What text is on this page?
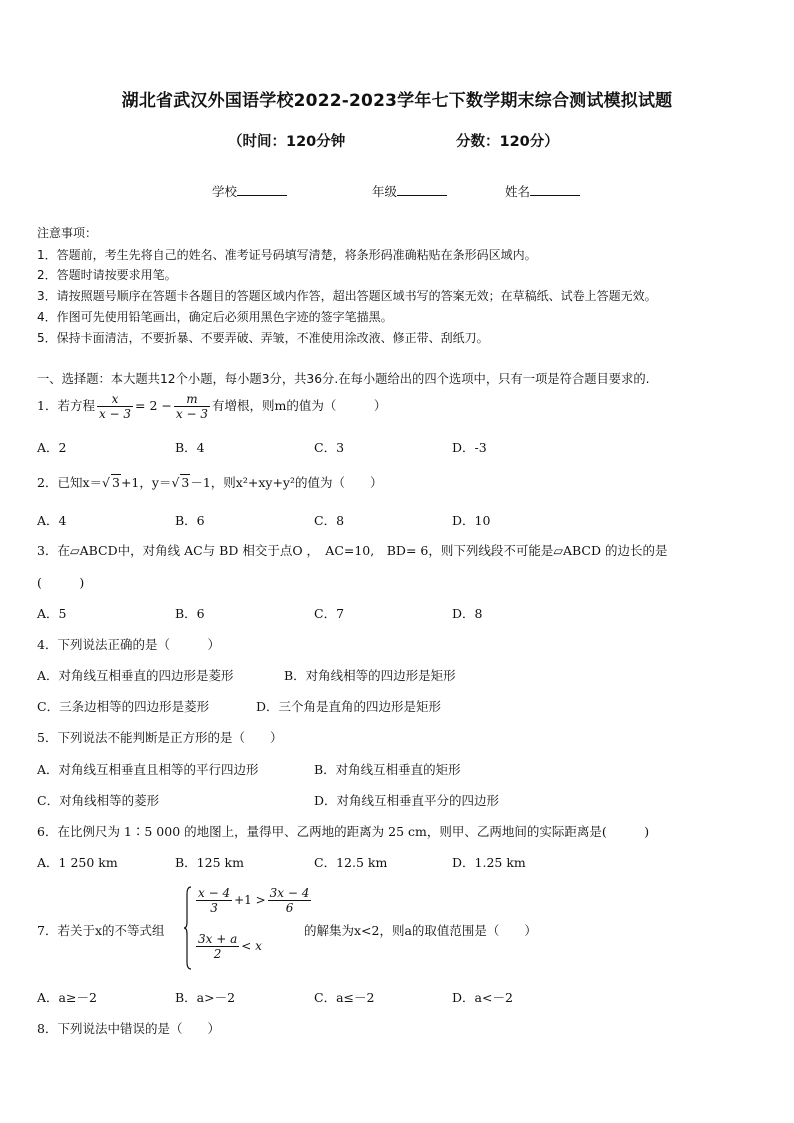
湖北省武汉外国语学校2022-2023学年七下数学期末综合测试模拟试题
（时间：120分钟	分数：120分）
学校	年级	姓名
注意事项：
1．答题前，考生先将自己的姓名、准考证号码填写清楚，将条形码准确粘贴在条形码区域内。
2．答题时请按要求用笔。
3．请按照题号顺序在答题卡各题目的答题区域内作答，超出答题区域书写的答案无效；在草稿纸、试卷上答题无效。
4．作图可先使用铅笔画出，确定后必须用黑色字迹的签字笔描黑。
5．保持卡面清洁，不要折暴、不要弄破、弄皱，不准使用涂改液、修正带、刮纸刀。
一、选择题：本大题共12个小题，每小题3分，共36分.在每小题给出的四个选项中，只有一项是符合题目要求的.
1．若方程 $\frac{x}{x - 3} = 2 - \frac{m}{x - 3}$ 有增根，则m的值为（　　　）
A．2	B．4	C．3	D．-3
2．已知x＝√ 3+1，y＝√ 3－1，则x²+xy+y²的值为（　　）
A．4	B．6	C．8	D．10
3．在▱ABCD中，对角线 AC与 BD 相交于点O ，　AC=10,　BD= 6，则下列线段不可能是▱ABCD 的边长的是
(　　　)
A．5	B．6	C．7	D．8
4．下列说法正确的是（　　　）
A．对角线互相垂直的四边形是菱形	B．对角线相等的四边形是矩形
C．三条边相等的四边形是菱形	D．三个角是直角的四边形是矩形
5．下列说法不能判断是正方形的是（　　）
A．对角线互相垂直且相等的平行四边形	B．对角线互相垂直的矩形
C．对角线相等的菱形	D．对角线互相垂直平分的四边形
6．在比例尺为 1∶5 000 的地图上，量得甲、乙两地的距离为 25 cm，则甲、乙两地间的实际距离是(　　　)
A．1 250 km	B．125 km	C．12.5 km	D．1.25 km
7．若关于x的不等式组
$\frac{x - 4}{3} +1 > \frac{3x - 4}{6}$
$\frac{3x + a}{2} < x$
的解集为x<2，则a的取值范围是（　　）
A．a≥－2	B．a>－2	C．a≤－2	D．a<－2
8．下列说法中错误的是（　　）
